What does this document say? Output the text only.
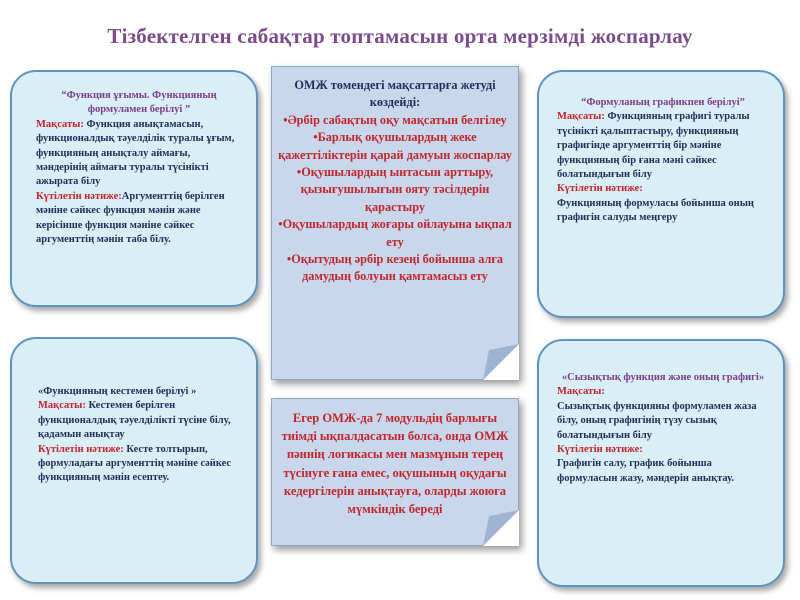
Тізбектелген сабақтар топтамасын орта мерзімді жоспарлау
“Функция ұғымы. Функцияның формуламен берілуі ”
Мақсаты: Функция анықтамасын, функционалдық тәуелділік туралы ұғым, функцияның анықталу аймағы, мәндерінің аймағы туралы түсінікті ажырата білу
Күтілетін нәтиже:Аргументтің берілген мәніне сәйкес функция мәнін және керісінше функция мәніне сәйкес аргументтің мәнін таба білу.
«Функцияның кестемен берілуі »
Мақсаты: Кестемен берілген функционалдық тәуелділікті түсіне білу, қадамын анықтау
Күтілетін нәтиже: Кесте толтырып, формуладағы аргументтің мәніне сәйкес функцияның мәнін есептеу.
“Формуланың графикпен берілуі”
Мақсаты: Функцияның графигі туралы түсінікті қалыптастыру, функцияның графигінде аргументтің бір мәніне функцияның бір ғана мәні сәйкес болатындығын білу
Күтілетін нәтиже:
Функцияның формуласы бойынша оның графигін салуды меңгеру
«Сызықтық функция және оның графигі»
Мақсаты:
Сызықтық функцияны формуламен жаза білу, оның графигінің түзу сызық болатындығын білу
Күтілетін нәтиже:
Графигін салу, график бойынша формуласын жазу, мәндерін анықтау.
ОМЖ төмендегі мақсаттарға жетуді көздейді:
•Әрбір сабақтың оқу мақсатын белгілеу
•Барлық оқушылардың жеке қажеттіліктерін қарай дамуын жоспарлау
•Оқушылардың ынтасын арттыру, қызығушылығын ояту тәсілдерін қарастыру
•Оқушылардың жоғары ойлауына ықпал ету
•Оқытудың әрбір кезеңі бойынша алға дамудың болуын қамтамасыз ету
Егер ОМЖ-да 7 модульдің барлығы тиімді ықпалдасатын болса, онда ОМЖ пәннің логикасы мен мазмұнын терең түсінуге ғана емес, оқушының оқудағы кедергілерін анықтауға, оларды жоюға мүмкіндік береді
